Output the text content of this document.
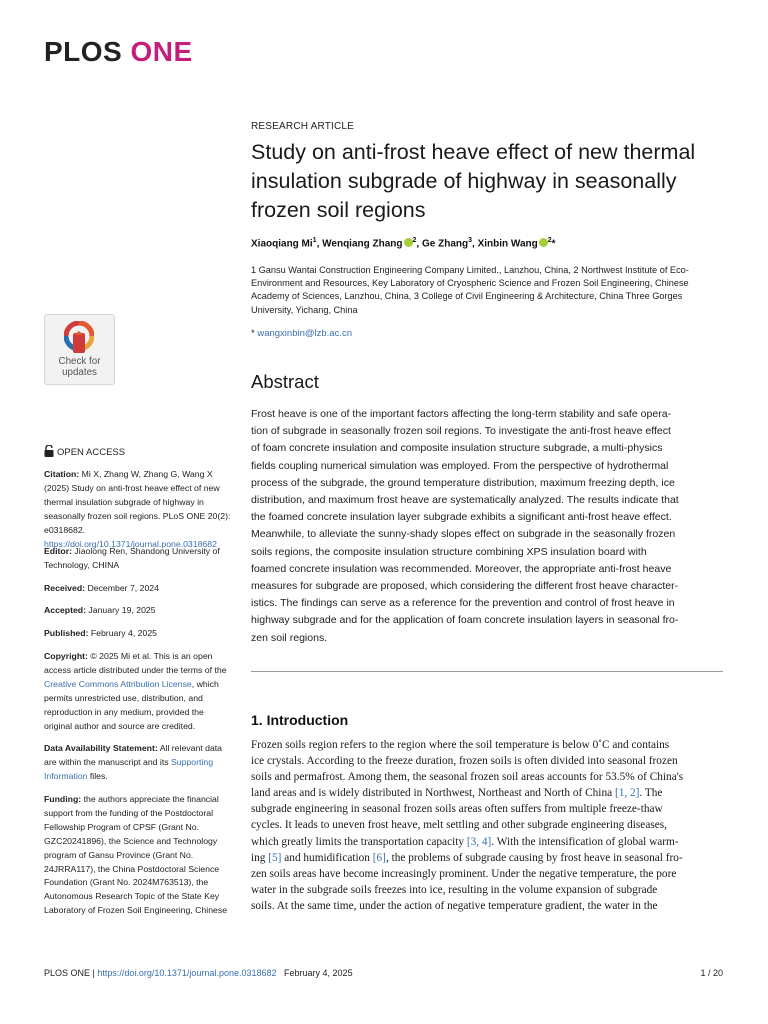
PLOS ONE
Check for
updates
RESEARCH ARTICLE
Study on anti-frost heave effect of new thermal insulation subgrade of highway in seasonally frozen soil regions
Xiaoqiang Mi$^1$, Wenqiang Zhang $^2$, Ge Zhang$^3$, Xinbin Wang $^2$*
1 Gansu Wantai Construction Engineering Company Limited., Lanzhou, China, 2 Northwest Institute of Eco-Environment and Resources, Key Laboratory of Cryospheric Science and Frozen Soil Engineering, Chinese Academy of Sciences, Lanzhou, China, 3 College of Civil Engineering & Architecture, China Three Gorges University, Yichang, China
* wangxinbin@lzb.ac.cn
Abstract
Frost heave is one of the important factors affecting the long-term stability and safe opera-
tion of subgrade in seasonally frozen soil regions. To investigate the anti-frost heave effect
of foam concrete insulation and composite insulation structure subgrade, a multi-physics
fields coupling numerical simulation was employed. From the perspective of hydrothermal
process of the subgrade, the ground temperature distribution, maximum freezing depth, ice
distribution, and maximum frost heave are systematically analyzed. The results indicate that
the foamed concrete insulation layer subgrade exhibits a significant anti-frost heave effect.
Meanwhile, to alleviate the sunny-shady slopes effect on subgrade in the seasonally frozen
soils regions, the composite insulation structure combining XPS insulation board with
foamed concrete insulation was recommended. Moreover, the appropriate anti-frost heave
measures for subgrade are proposed, which considering the different frost heave character-
istics. The findings can serve as a reference for the prevention and control of frost heave in
highway subgrade and for the application of foam concrete insulation layers in seasonal fro-
zen soil regions.
1. Introduction
Frozen soils region refers to the region where the soil temperature is below 0˚C and contains
ice crystals. According to the freeze duration, frozen soils is often divided into seasonal frozen
soils and permafrost. Among them, the seasonal frozen soil areas accounts for 53.5% of China's
land areas and is widely distributed in Northwest, Northeast and North of China [1, 2]. The
subgrade engineering in seasonal frozen soils areas often suffers from multiple freeze-thaw
cycles. It leads to uneven frost heave, melt settling and other subgrade engineering diseases,
which greatly limits the transportation capacity [3, 4]. With the intensification of global warm-
ing [5] and humidification [6], the problems of subgrade causing by frost heave in seasonal fro-
zen soils areas have become increasingly prominent. Under the negative temperature, the pore
water in the subgrade soils freezes into ice, resulting in the volume expansion of subgrade
soils. At the same time, under the action of negative temperature gradient, the water in the
OPEN ACCESS
Citation: Mi X, Zhang W, Zhang G, Wang X (2025) Study on anti-frost heave effect of new thermal insulation subgrade of highway in seasonally frozen soil regions. PLoS ONE 20(2): e0318682. https://doi.org/10.1371/journal.pone.0318682
Editor: Jiaolong Ren, Shandong University of Technology, CHINA
Received: December 7, 2024
Accepted: January 19, 2025
Published: February 4, 2025
Copyright: © 2025 Mi et al. This is an open access article distributed under the terms of the Creative Commons Attribution License, which permits unrestricted use, distribution, and reproduction in any medium, provided the original author and source are credited.
Data Availability Statement: All relevant data are within the manuscript and its Supporting Information files.
Funding: the authors appreciate the financial support from the funding of the Postdoctoral Fellowship Program of CPSF (Grant No. GZC20241896), the Science and Technology program of Gansu Province (Grant No. 24JRRA117), the China Postdoctoral Science Foundation (Grant No. 2024M763513), the Autonomous Research Topic of the State Key Laboratory of Frozen Soil Engineering, Chinese
PLOS ONE | https://doi.org/10.1371/journal.pone.0318682 February 4, 2025	1 / 20
